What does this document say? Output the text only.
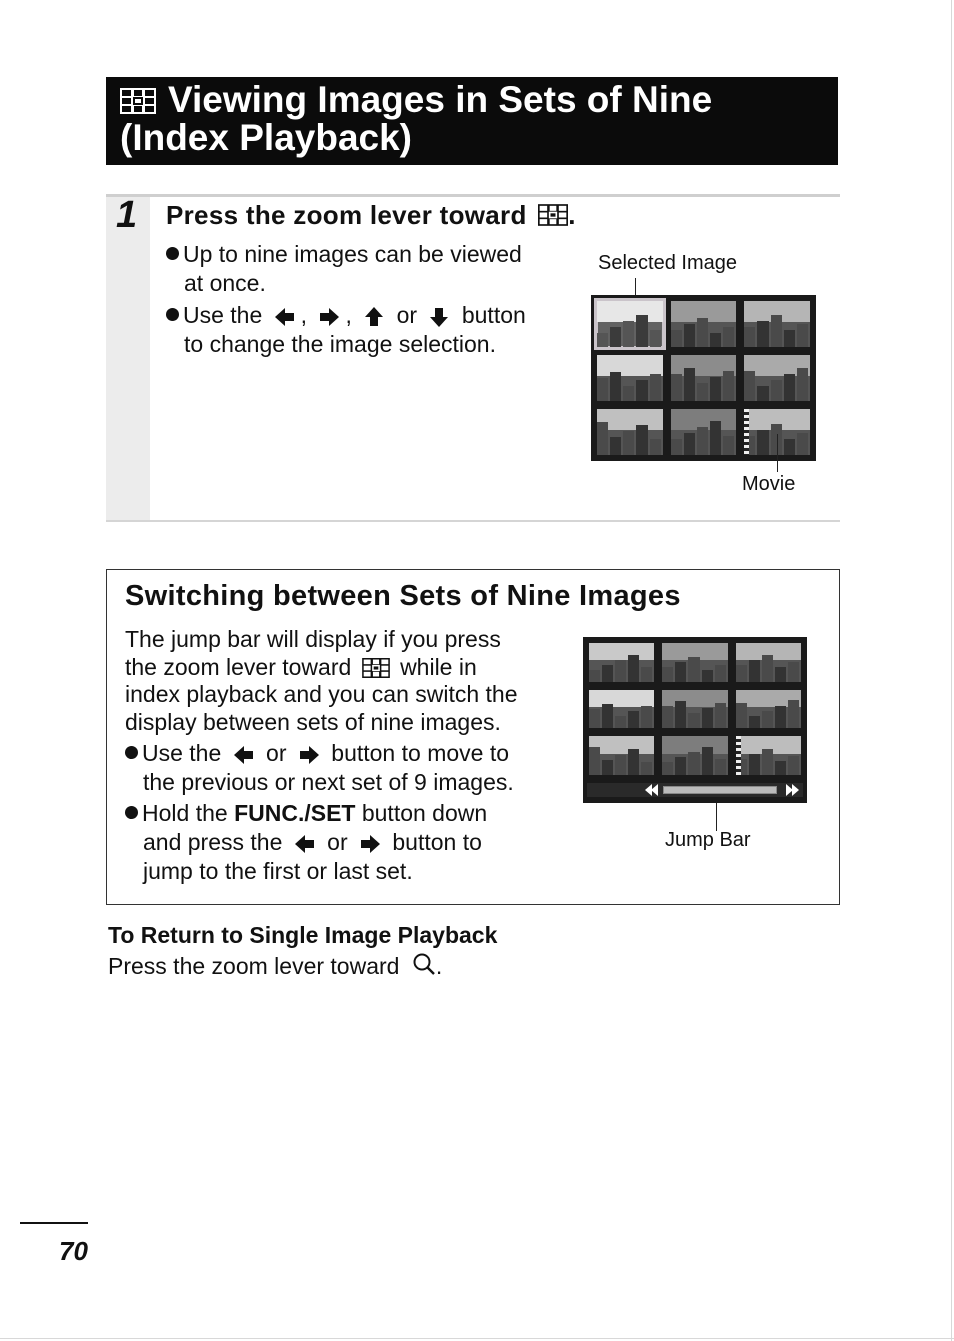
Viewing Images in Sets of Nine
(Index Playback)
1 Press the zoom lever toward .
Up to nine images can be viewed
at once.
Use the , , or button
to change the image selection.
Selected Image
Movie
Switching between Sets of Nine Images
The jump bar will display if you press
the zoom lever toward while in
index playback and you can switch the
display between sets of nine images.
Use the or button to move to
the previous or next set of 9 images.
Hold the FUNC./SET button down
and press the or button to
jump to the first or last set.
Jump Bar
To Return to Single Image Playback
Press the zoom lever toward .
70
